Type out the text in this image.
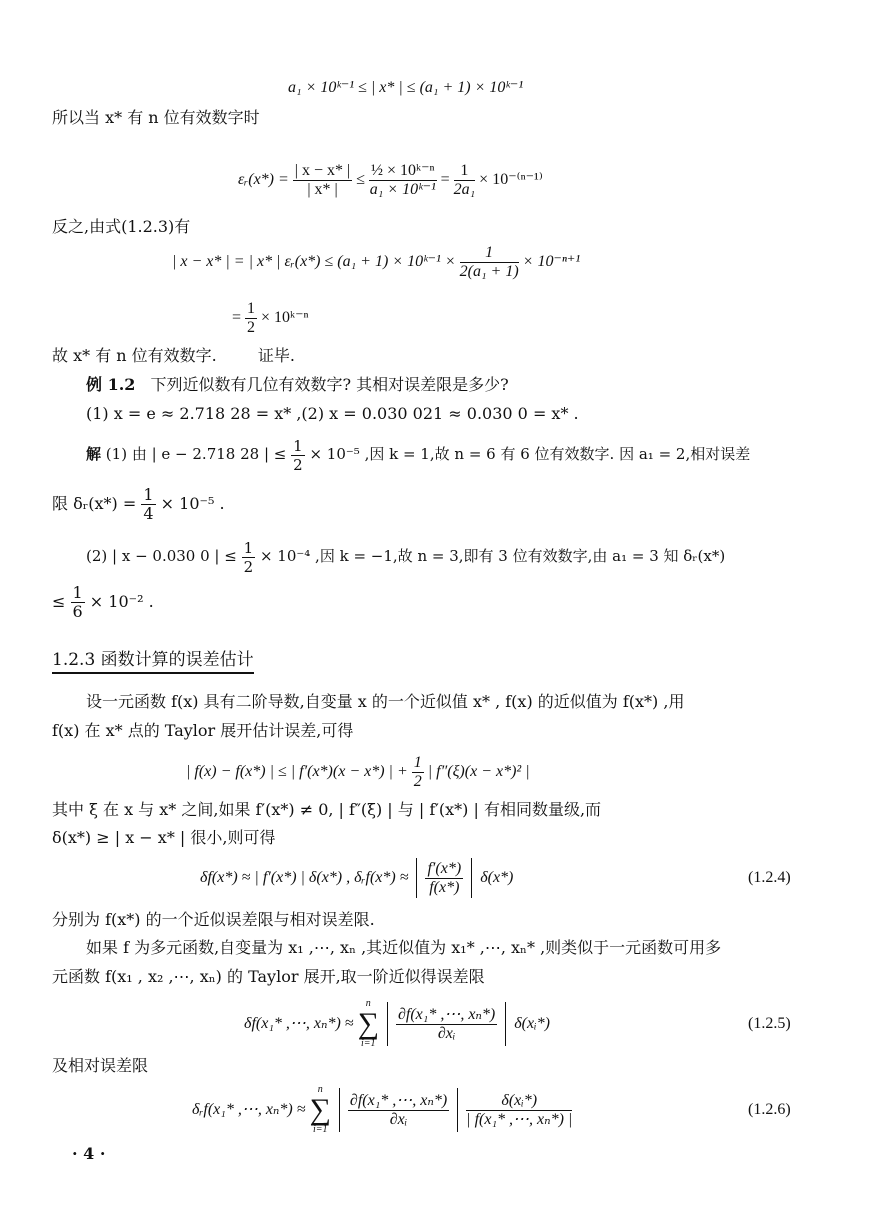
a₁ × 10ᵏ⁻¹ ≤ | x* | ≤ (a₁ + 1) × 10ᵏ⁻¹
所以当 x* 有 n 位有效数字时
εᵣ(x*) = $\frac{| x - x* |}{| x* |} \le \frac{\text{½ × 10ᵏ⁻ⁿ}}{\text{a₁ × 10ᵏ⁻¹}} = \frac{1}{\text{2a₁}} \times 10^{-(n-1)}$
反之,由式(1.2.3)有
| x − x* | = | x* | εᵣ(x*) ≤ (a₁ + 1) × 10ᵏ⁻¹ × $\frac{1}{\text{2(a₁ + 1)}} \times 10^{-n+1}$
= $\frac{1}{2}$ × 10ᵏ⁻ⁿ
故 x* 有 n 位有效数字.	证毕.
例 1.2 下列近似数有几位有效数字? 其相对误差限是多少?
(1) x = e ≈ 2.718 28 = x* ,(2) x = 0.030 021 ≈ 0.030 0 = x* .
解 (1) 由 | e − 2.718 28 | ≤ $\frac{1}{2} \times 10^{-5}$ ,因 k = 1,故 n = 6 有 6 位有效数字. 因 a₁ = 2,相对误差
限 δᵣ(x*) = $\frac{1}{4} \times 10^{-5}$ .
(2) | x − 0.030 0 | ≤ $\frac{1}{2} \times 10^{-4}$ ,因 k = −1,故 n = 3,即有 3 位有效数字,由 a₁ = 3 知 δᵣ(x*)
≤ $\frac{1}{6} \times 10^{-2}$ .
1.2.3 函数计算的误差估计
设一元函数 f(x) 具有二阶导数,自变量 x 的一个近似值 x* , f(x) 的近似值为 f(x*) ,用
f(x) 在 x* 点的 Taylor 展开估计误差,可得
| f(x) − f(x*) | ≤ | f′(x*)(x − x*) | + $\frac{1}{2}$ | f″(ξ)(x − x*)² |
其中 ξ 在 x 与 x* 之间,如果 f′(x*) ≠ 0, | f″(ξ) | 与 | f′(x*) | 有相同数量级,而
δ(x*) ≥ | x − x* | 很小,则可得
δf(x*) ≈ | f′(x*) | δ(x*) , δᵣf(x*) ≈ $\frac{f'(x*)}{f(x*)} \delta(x*)$	(1.2.4)
分别为 f(x*) 的一个近似误差限与相对误差限.
如果 f 为多元函数,自变量为 x₁ ,⋯, xₙ ,其近似值为 x₁* ,⋯, xₙ* ,则类似于一元函数可用多
元函数 f(x₁ , x₂ ,⋯, xₙ) 的 Taylor 展开,取一阶近似得误差限
δf(x₁* ,⋯, xₙ*) ≈
n
∑
i=1

$\frac{\text{∂f(x₁* ,⋯, xₙ*)}}{\text{∂xᵢ}}$ δ(xᵢ*)	(1.2.5)
及相对误差限
δᵣf(x₁* ,⋯, xₙ*) ≈
n
∑
i=1

$\frac{\text{∂f(x₁* ,⋯, xₙ*)}}{\text{∂xᵢ}}$
$\frac{\text{δ(xᵢ*)}}{\text{| f(x₁* ,⋯, xₙ*) |}}$	(1.2.6)
· 4 ·
